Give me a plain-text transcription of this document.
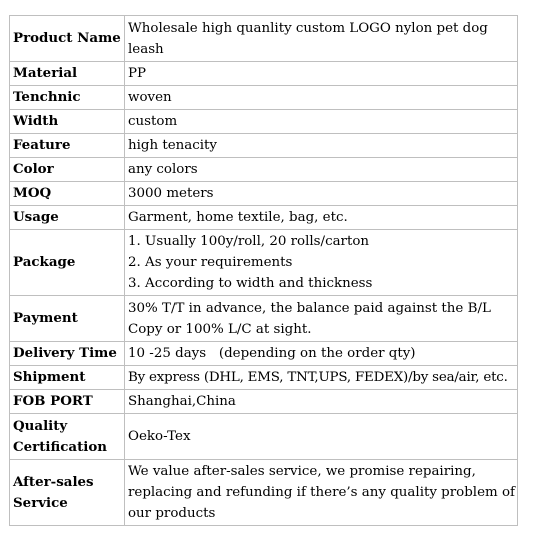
Product Name	Wholesale high quanlity custom LOGO nylon pet dog leash
Material	PP
Tenchnic	woven
Width	custom
Feature	high tenacity
Color	any colors
MOQ	3000 meters
Usage	Garment, home textile, bag, etc.
Package	1. Usually 100y/roll, 20 rolls/carton
2. As your requirements
3. According to width and thickness

Payment	30% T/T in advance, the balance paid against the B/L Copy or 100% L/C at sight.
Delivery Time	10 -25 days   (depending on the order qty)
Shipment	By express (DHL, EMS, TNT,UPS, FEDEX)/by sea/air, etc.
FOB PORT	Shanghai,China
Quality Certification	Oeko-Tex
After-sales Service	We value after-sales service, we promise repairing, replacing and refunding if there’s any quality problem of our products
